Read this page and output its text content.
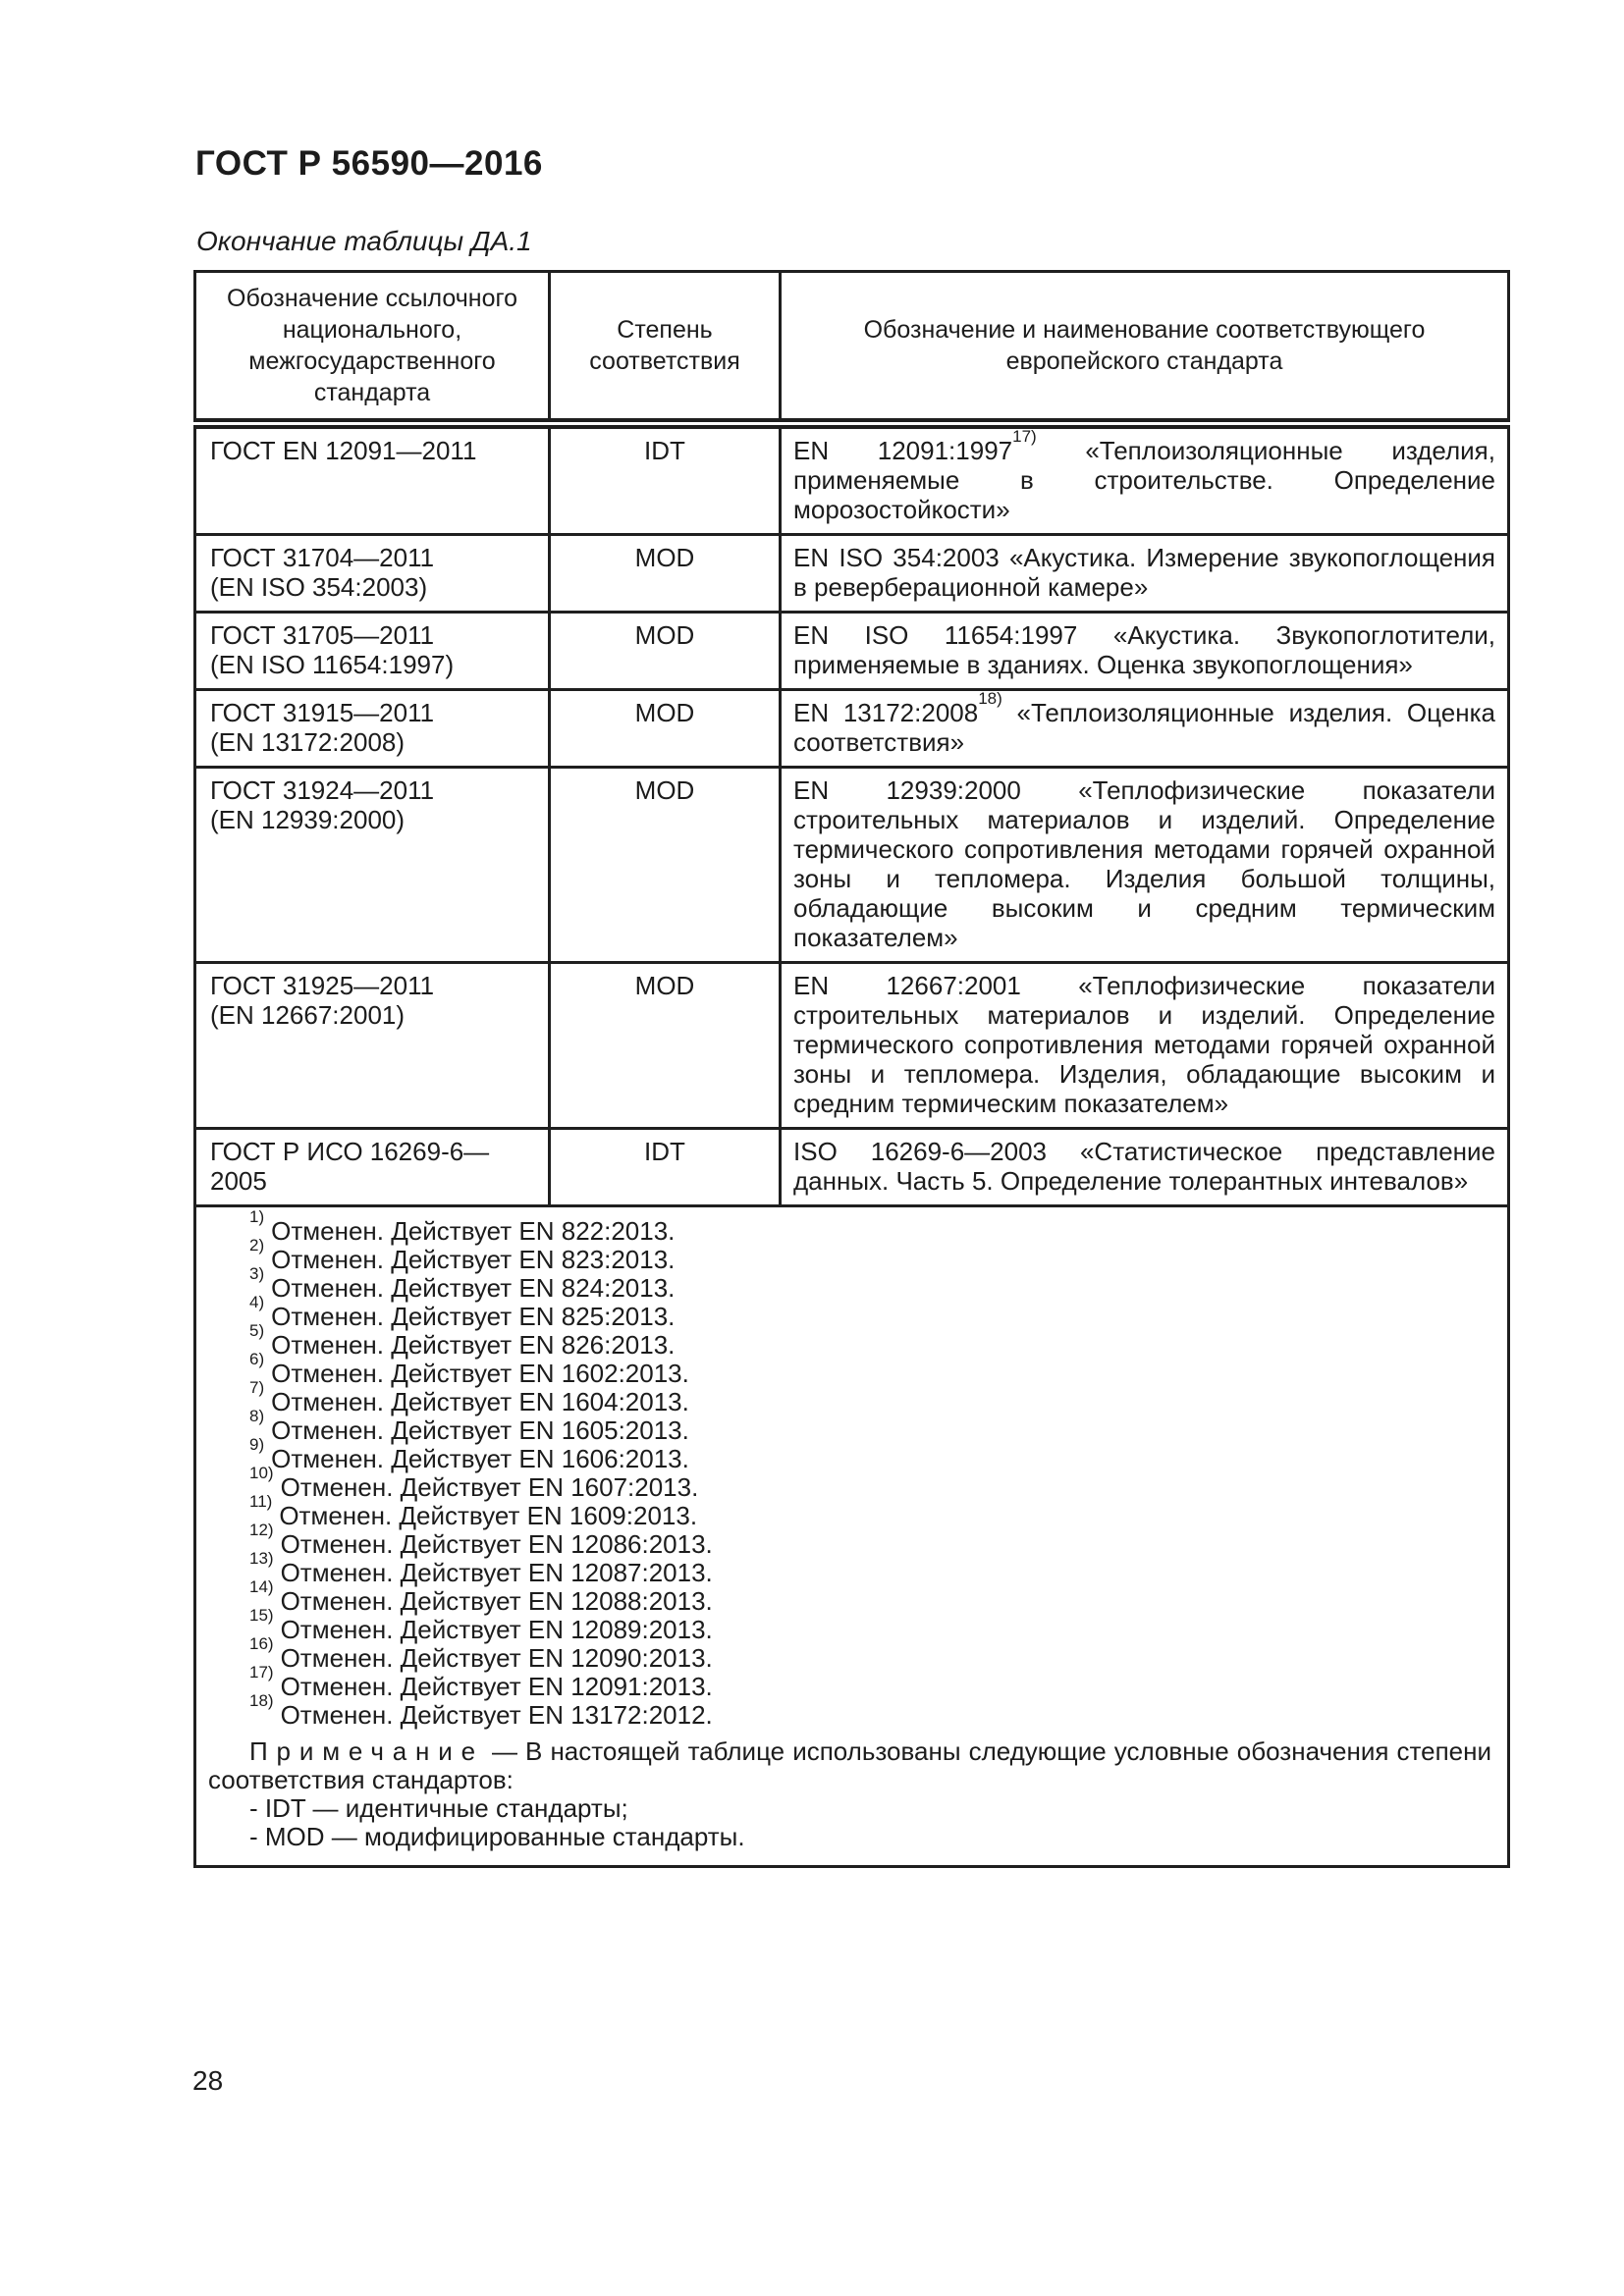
ГОСТ Р 56590—2016
Окончание таблицы ДА.1
Обозначение ссылочного национального, межгосударственного стандарта	Степень соответствия	Обозначение и наименование соответствующего европейского стандарта

ГОСТ EN 12091—2011	IDT	EN 12091:1997$^{17)}$ «Теплоизоляционные изделия, применяемые в строительстве. Определение морозостойкости»

ГОСТ 31704—2011
(EN ISO 354:2003)	MOD	EN ISO 354:2003 «Акустика. Измерение звукопоглощения в реверберационной камере»

ГОСТ 31705—2011
(EN ISO 11654:1997)	MOD	EN ISO 11654:1997 «Акустика. Звукопоглотители, применяемые в зданиях. Оценка звукопоглощения»

ГОСТ 31915—2011
(EN 13172:2008)	MOD	EN 13172:2008$^{18)}$ «Теплоизоляционные изделия. Оценка соответствия»

ГОСТ 31924—2011
(EN 12939:2000)	MOD	EN 12939:2000 «Теплофизические показатели строительных материалов и изделий. Определение термического сопротивления методами горячей охранной зоны и тепломера. Изделия большой толщины, обладающие высоким и средним термическим показателем»

ГОСТ 31925—2011
(EN 12667:2001)	MOD	EN 12667:2001 «Теплофизические показатели строительных материалов и изделий. Определение термического сопротивления методами горячей охранной зоны и тепломера. Изделия, обладающие высоким и средним термическим показателем»

ГОСТ Р ИСО 16269-6—2005	IDT	ISO 16269-6—2003 «Статистическое представление данных. Часть 5. Определение толерантных интевалов»

$^{1)}$ Отменен. Действует EN 822:2013.
$^{2)}$ Отменен. Действует EN 823:2013.
$^{3)}$ Отменен. Действует EN 824:2013.
$^{4)}$ Отменен. Действует EN 825:2013.
$^{5)}$ Отменен. Действует EN 826:2013.
$^{6)}$ Отменен. Действует EN 1602:2013.
$^{7)}$ Отменен. Действует EN 1604:2013.
$^{8)}$ Отменен. Действует EN 1605:2013.
$^{9)}$ Отменен. Действует EN 1606:2013.
$^{10)}$ Отменен. Действует EN 1607:2013.
$^{11)}$ Отменен. Действует EN 1609:2013.
$^{12)}$ Отменен. Действует EN 12086:2013.
$^{13)}$ Отменен. Действует EN 12087:2013.
$^{14)}$ Отменен. Действует EN 12088:2013.
$^{15)}$ Отменен. Действует EN 12089:2013.
$^{16)}$ Отменен. Действует EN 12090:2013.
$^{17)}$ Отменен. Действует EN 12091:2013.
$^{18)}$ Отменен. Действует EN 13172:2012.
Примечание — В настоящей таблице использованы следующие условные обозначения степени соответствия стандартов:
- IDT — идентичные стандарты;
- MOD — модифицированные стандарты.
28
